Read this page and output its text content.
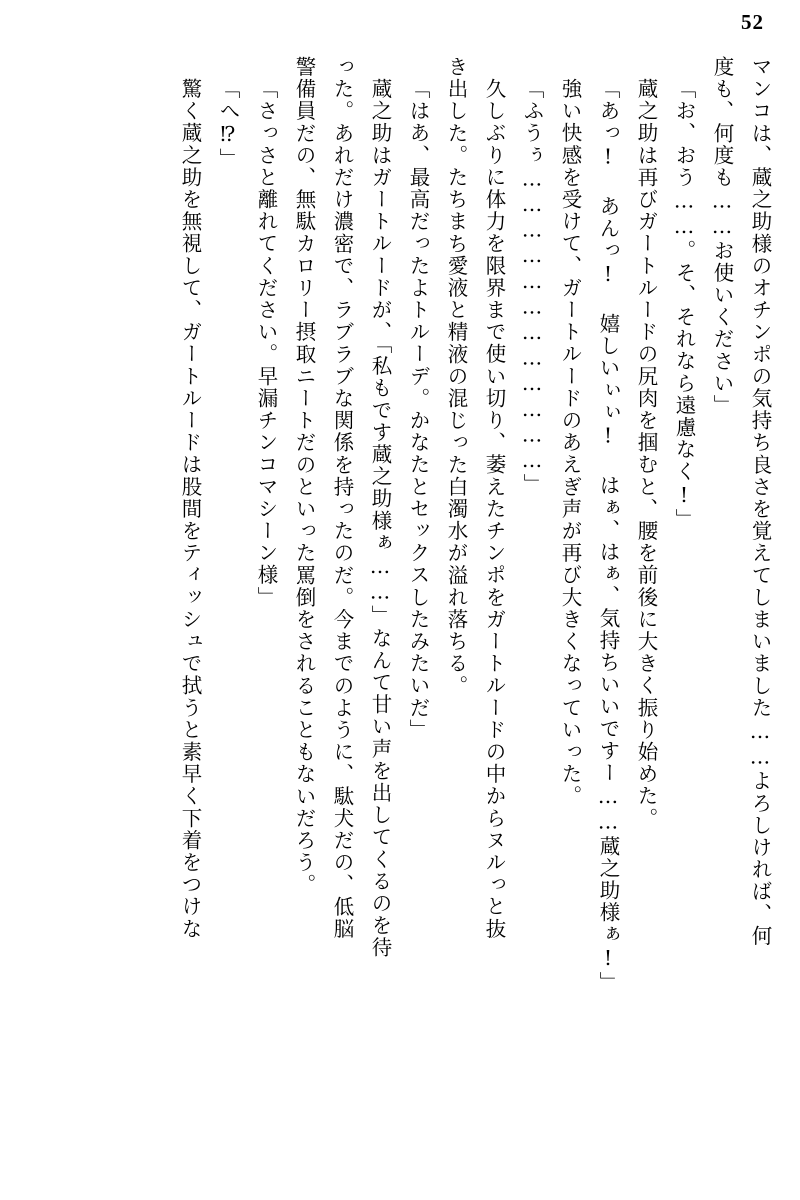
52
マンコは、蔵之助様のオチンポの気持ち良さを覚えてしまいました……よろしければ、何
度も、何度も……お使いください」
「お、おう……。そ、それなら遠慮なく!」
蔵之助は再びガートルードの尻肉を掴むと、腰を前後に大きく振り始めた。
「あっ! あんっ! 嬉しいぃぃ! はぁ、はぁ、気持ちいいですー……蔵之助様ぁ!」
強い快感を受けて、ガートルードのあえぎ声が再び大きくなっていった。
「ふうぅ………………………………」
久しぶりに体力を限界まで使い切り、萎えたチンポをガートルードの中からヌルっと抜
き出した。たちまち愛液と精液の混じった白濁水が溢れ落ちる。
「はあ、最高だったよトルーデ。かなたとセックスしたみたいだ」
蔵之助はガートルードが、「私もです蔵之助様ぁ……」なんて甘い声を出してくるのを待
った。あれだけ濃密で、ラブラブな関係を持ったのだ。今までのように、駄犬だの、低脳
警備員だの、無駄カロリー摂取ニートだのといった罵倒をされることもないだろう。
「さっさと離れてください。早漏チンコマシーン様」
「へ⁉」
驚く蔵之助を無視して、ガートルードは股間をティッシュで拭うと素早く下着をつけな
